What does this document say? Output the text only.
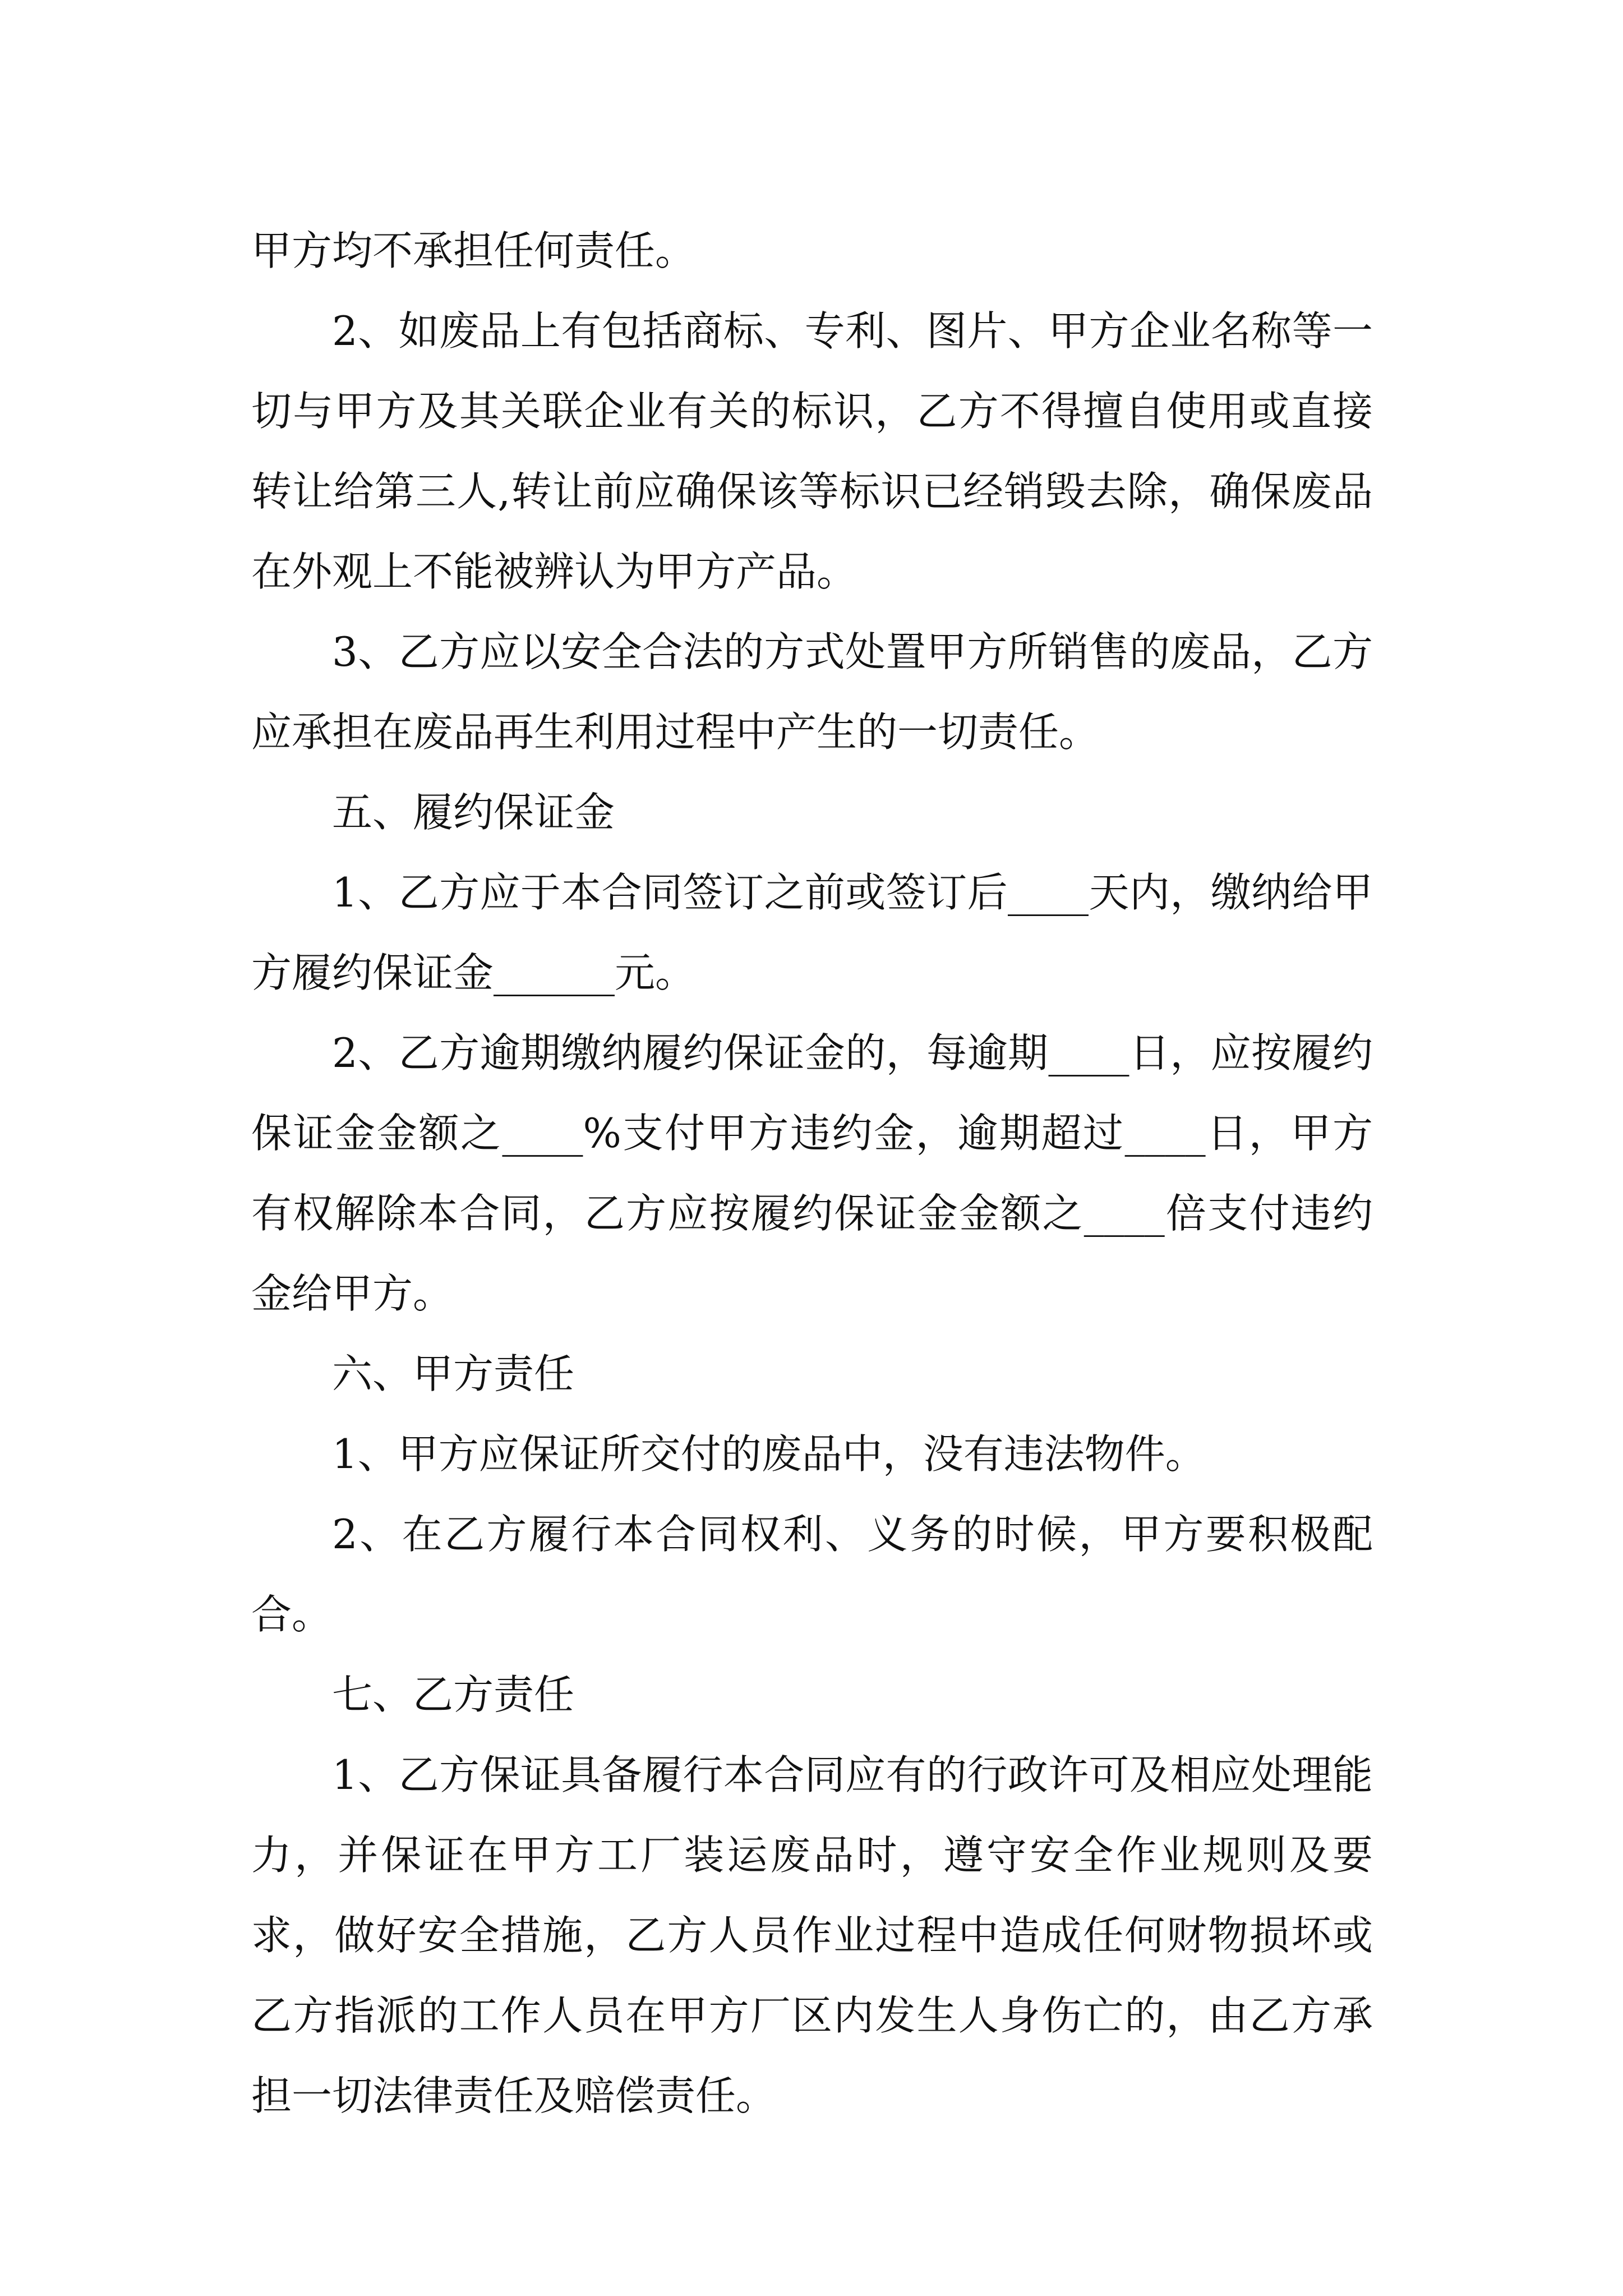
甲方均不承担任何责任。

2、如废品上有包括商标、专利、图片、甲方企业名称等一切与甲方及其关联企业有关的标识，乙方不得擅自使用或直接转让给第三人,转让前应确保该等标识已经销毁去除，确保废品在外观上不能被辨认为甲方产品。

3、乙方应以安全合法的方式处置甲方所销售的废品，乙方应承担在废品再生利用过程中产生的一切责任。

五、履约保证金

1、乙方应于本合同签订之前或签订后____天内，缴纳给甲方履约保证金______元。

2、乙方逾期缴纳履约保证金的，每逾期____日，应按履约保证金金额之____%支付甲方违约金，逾期超过____日，甲方有权解除本合同，乙方应按履约保证金金额之____倍支付违约金给甲方。

六、甲方责任

1、甲方应保证所交付的废品中，没有违法物件。

2、在乙方履行本合同权利、义务的时候，甲方要积极配合。

七、乙方责任

1、乙方保证具备履行本合同应有的行政许可及相应处理能力，并保证在甲方工厂装运废品时，遵守安全作业规则及要求，做好安全措施，乙方人员作业过程中造成任何财物损坏或乙方指派的工作人员在甲方厂区内发生人身伤亡的，由乙方承担一切法律责任及赔偿责任。
